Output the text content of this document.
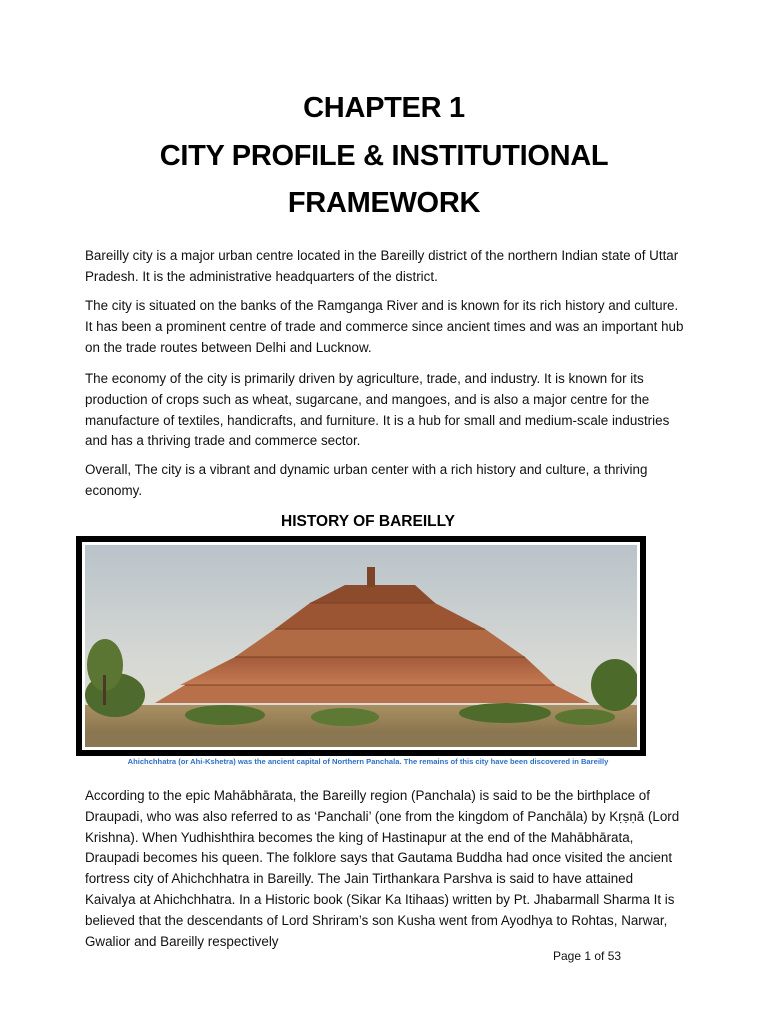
CHAPTER 1
CITY PROFILE & INSTITUTIONAL
FRAMEWORK

Bareilly city is a major urban centre located in the Bareilly district of the northern Indian state of Uttar Pradesh. It is the administrative headquarters of the district.

The city is situated on the banks of the Ramganga River and is known for its rich history and culture. It has been a prominent centre of trade and commerce since ancient times and was an important hub on the trade routes between Delhi and Lucknow.

The economy of the city is primarily driven by agriculture, trade, and industry. It is known for its production of crops such as wheat, sugarcane, and mangoes, and is also a major centre for the manufacture of textiles, handicrafts, and furniture. It is a hub for small and medium-scale industries and has a thriving trade and commerce sector.

Overall, The city is a vibrant and dynamic urban center with a rich history and culture, a thriving economy.

HISTORY OF BAREILLY
Ahichchhatra (or Ahi-Kshetra) was the ancient capital of Northern Panchala. The remains of this city have been discovered in Bareilly

According to the epic Mahābhārata, the Bareilly region (Panchala) is said to be the birthplace of Draupadi, who was also referred to as ‘Panchali’ (one from the kingdom of Panchāla) by Kṛṣṇā (Lord Krishna). When Yudhishthira becomes the king of Hastinapur at the end of the Mahābhārata, Draupadi becomes his queen. The folklore says that Gautama Buddha had once visited the ancient fortress city of Ahichchhatra in Bareilly. The Jain Tirthankara Parshva is said to have attained Kaivalya at Ahichchhatra. In a Historic book (Sikar Ka Itihaas) written by Pt. Jhabarmall Sharma It is believed that the descendants of Lord Shriram’s son Kusha went from Ayodhya to Rohtas, Narwar, Gwalior and Bareilly respectively

Page 1 of 53
